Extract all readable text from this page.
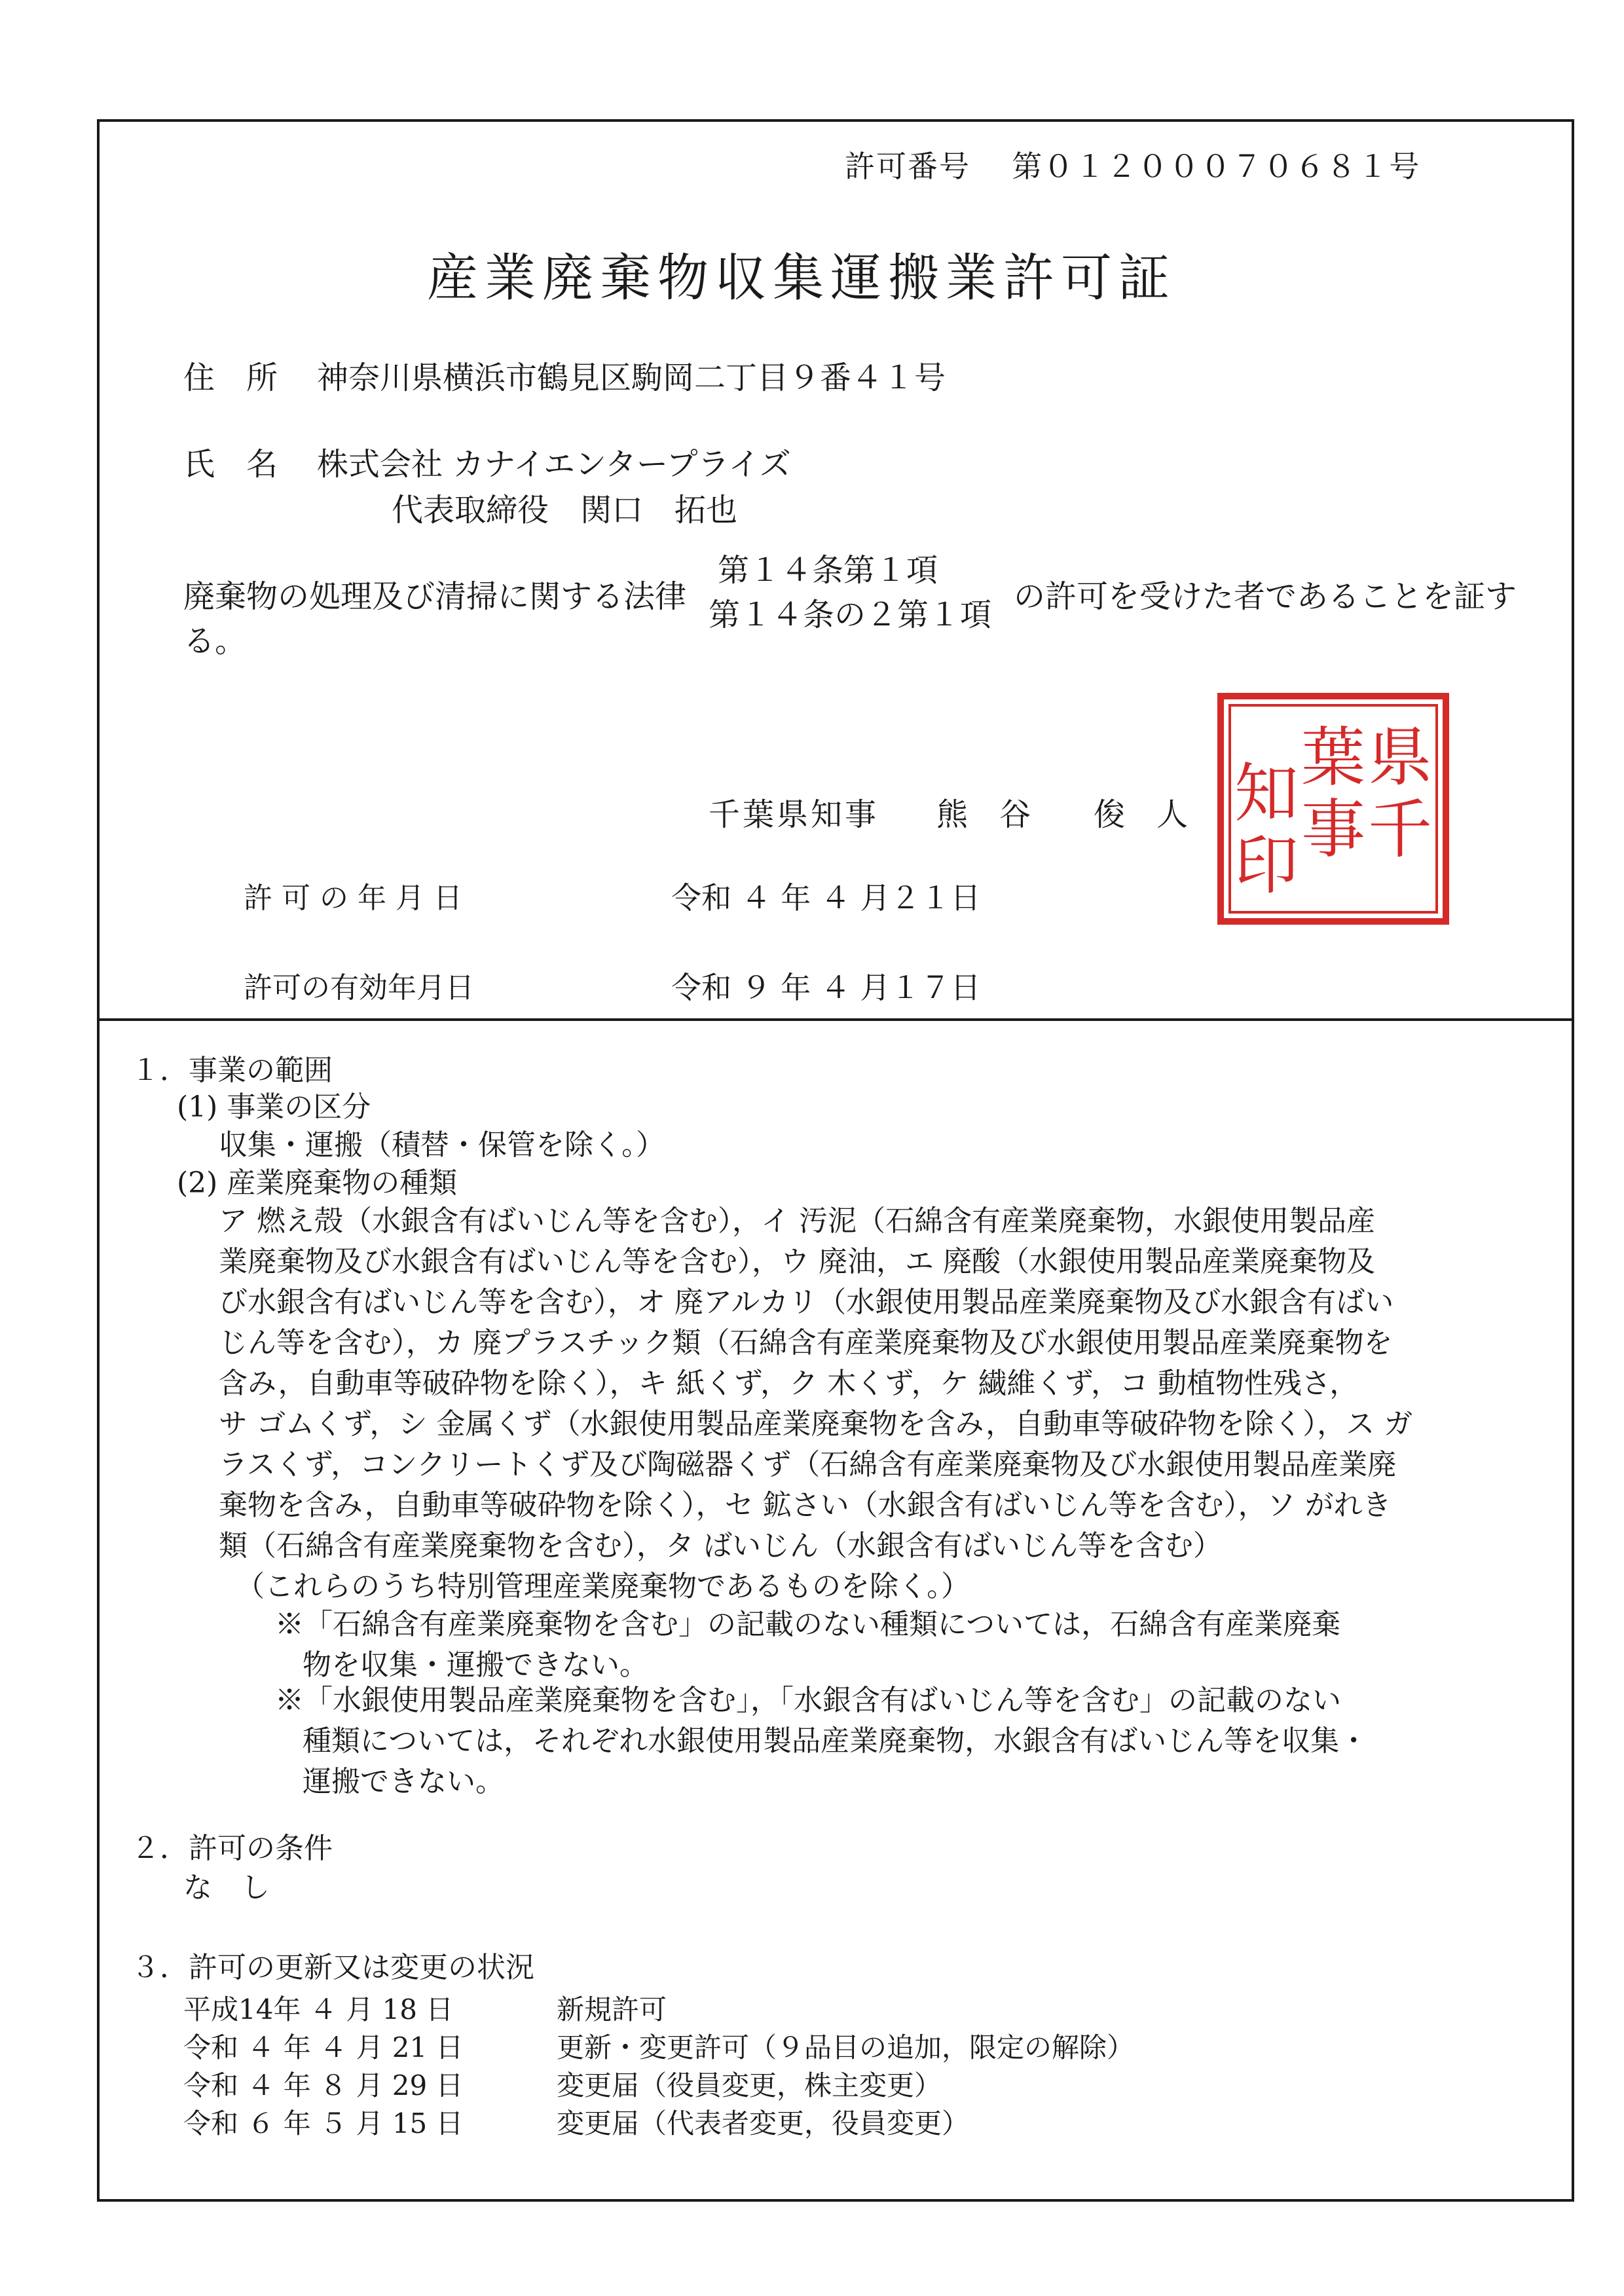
許可番号 第０１２０００７０６８１号
産業廃棄物収集運搬業許可証
住　所 神奈川県横浜市鶴見区駒岡二丁目９番４１号
氏　名 株式会社 カナイエンタープライズ
代表取締役　関口　拓也
廃棄物の処理及び清掃に関する法律
第１４条第１項
第１４条の２第１項 の許可を受けた者であることを証す
る。
千葉県知事 熊　谷　　俊　人
県
千
葉
事
知
印
許 可 の 年 月 日	令和 ４ 年 ４ 月２１日
許可の有効年月日	令和 ９ 年 ４ 月１７日
１．事業の範囲
(1) 事業の区分
収集・運搬（積替・保管を除く。）
(2) 産業廃棄物の種類
ア 燃え殻（水銀含有ばいじん等を含む），イ 汚泥（石綿含有産業廃棄物，水銀使用製品産
業廃棄物及び水銀含有ばいじん等を含む），ウ 廃油，エ 廃酸（水銀使用製品産業廃棄物及
び水銀含有ばいじん等を含む），オ 廃アルカリ（水銀使用製品産業廃棄物及び水銀含有ばい
じん等を含む），カ 廃プラスチック類（石綿含有産業廃棄物及び水銀使用製品産業廃棄物を
含み，自動車等破砕物を除く），キ 紙くず，ク 木くず，ケ 繊維くず，コ 動植物性残さ，
サ ゴムくず，シ 金属くず（水銀使用製品産業廃棄物を含み，自動車等破砕物を除く），ス ガ
ラスくず，コンクリートくず及び陶磁器くず（石綿含有産業廃棄物及び水銀使用製品産業廃
棄物を含み，自動車等破砕物を除く），セ 鉱さい（水銀含有ばいじん等を含む），ソ がれき
類（石綿含有産業廃棄物を含む），タ ばいじん（水銀含有ばいじん等を含む）
（これらのうち特別管理産業廃棄物であるものを除く。）
※「石綿含有産業廃棄物を含む」の記載のない種類については，石綿含有産業廃棄
物を収集・運搬できない。
※「水銀使用製品産業廃棄物を含む」，「水銀含有ばいじん等を含む」の記載のない
種類については，それぞれ水銀使用製品産業廃棄物，水銀含有ばいじん等を収集・
運搬できない。
２．許可の条件
な　し
３．許可の更新又は変更の状況
平成14年 ４ 月 18 日	新規許可
令和 ４ 年 ４ 月 21 日	更新・変更許可（９品目の追加，限定の解除）
令和 ４ 年 ８ 月 29 日	変更届（役員変更，株主変更）
令和 ６ 年 ５ 月 15 日	変更届（代表者変更，役員変更）
